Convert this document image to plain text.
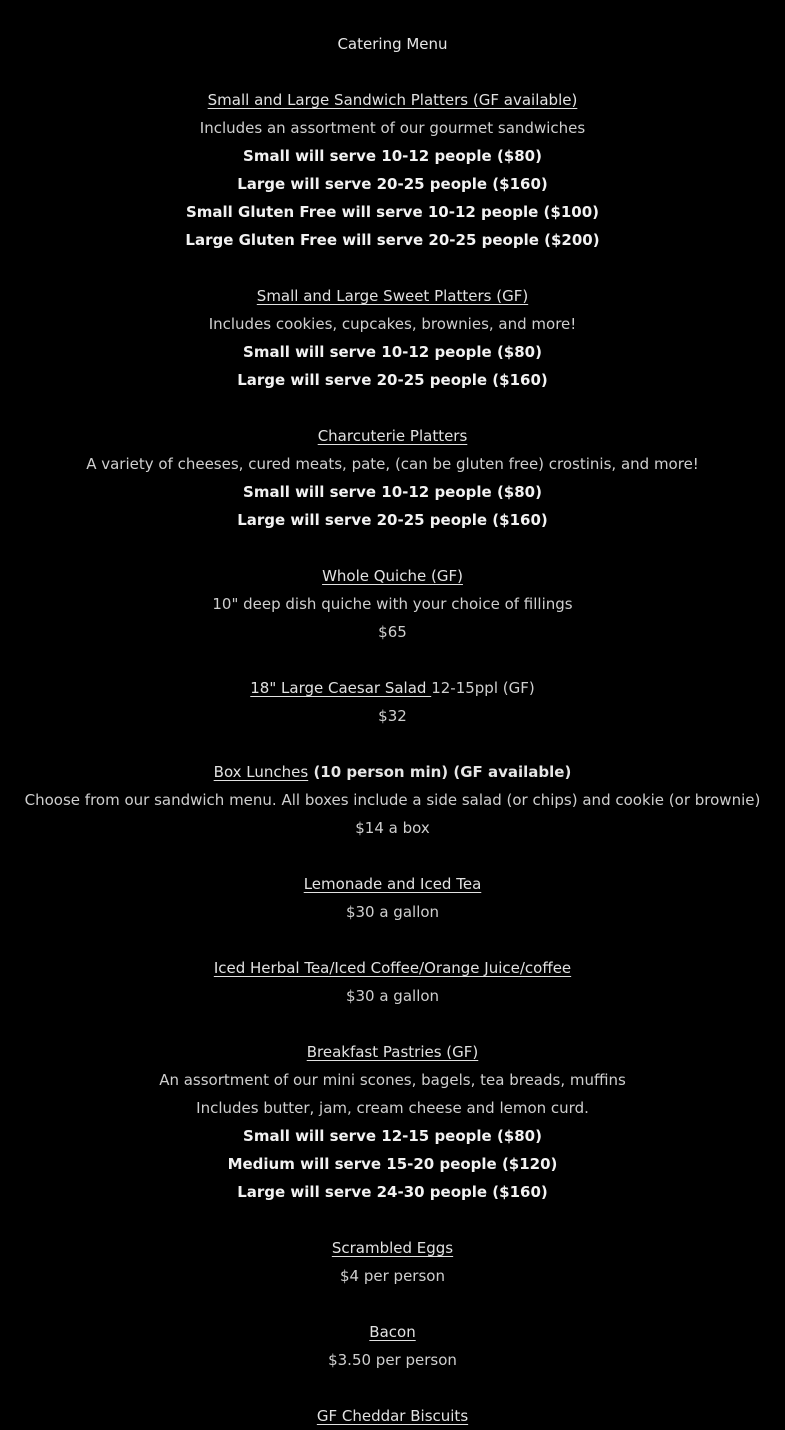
Catering Menu

Small and Large Sandwich Platters (GF available)

Includes an assortment of our gourmet sandwiches

Small will serve 10-12 people ($80)

Large will serve 20-25 people ($160)

Small Gluten Free will serve 10-12 people ($100)

Large Gluten Free will serve 20-25 people ($200)

Small and Large Sweet Platters (GF)

Includes cookies, cupcakes, brownies, and more!

Small will serve 10-12 people ($80)

Large will serve 20-25 people ($160)

Charcuterie Platters

A variety of cheeses, cured meats, pate, (can be gluten free) crostinis, and more!

Small will serve 10-12 people ($80)

Large will serve 20-25 people ($160)

Whole Quiche (GF)

10" deep dish quiche with your choice of fillings

$65

18" Large Caesar Salad 12-15ppl (GF)

$32

Box Lunches (10 person min) (GF available)

Choose from our sandwich menu. All boxes include a side salad (or chips) and cookie (or brownie)

$14 a box

Lemonade and Iced Tea

$30 a gallon

Iced Herbal Tea/Iced Coffee/Orange Juice/coffee

$30 a gallon

Breakfast Pastries (GF)

An assortment of our mini scones, bagels, tea breads, muffins

Includes butter, jam, cream cheese and lemon curd.

Small will serve 12-15 people ($80)

Medium will serve 15-20 people ($120)

Large will serve 24-30 people ($160)

Scrambled Eggs

$4 per person

Bacon

$3.50 per person

GF Cheddar Biscuits
